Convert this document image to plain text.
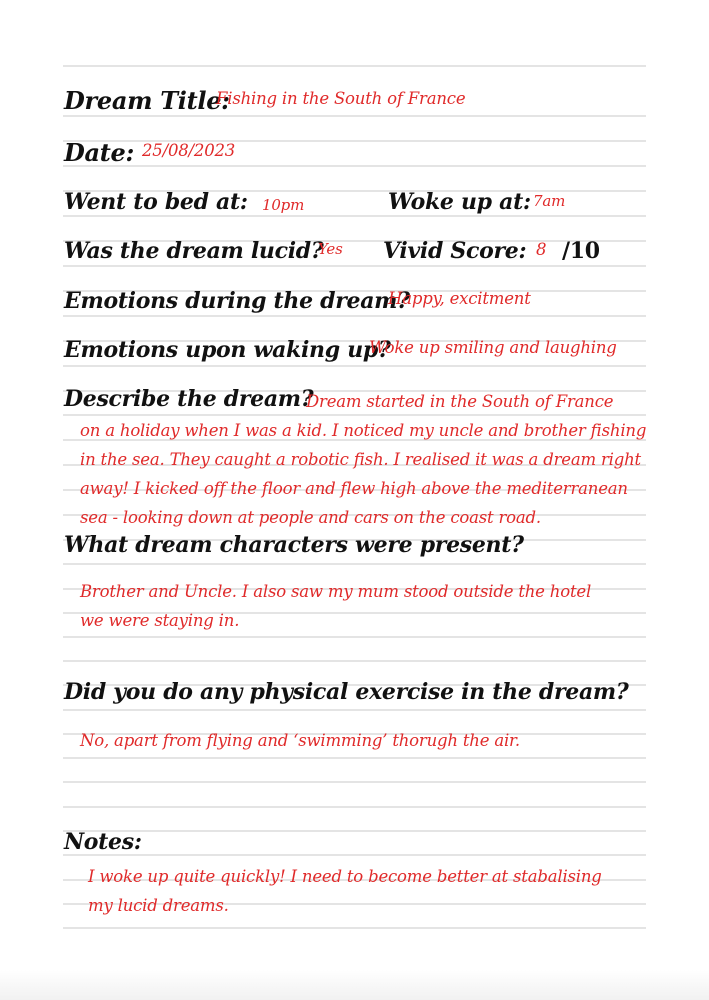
Dream Title:
Fishing in the South of France
Date: 25/08/2023
Went to bed at: 10pm	Woke up at: 7am
Was the dream lucid?
Yes Vivid Score: 8 /10
Emotions during the dream?
Happy, excitment
Emotions upon waking up?
Woke up smiling and laughing
Describe the dream?
Dream started in the South of France
on a holiday when I was a kid. I noticed my uncle and brother fishing
in the sea. They caught a robotic fish. I realised it was a dream right
away! I kicked off the floor and flew high above the mediterranean
sea - looking down at people and cars on the coast road.
What dream characters were present?
Brother and Uncle. I also saw my mum stood outside the hotel
we were staying in.
Did you do any physical exercise in the dream?
No, apart from flying and ‘swimming’ thorugh the air.
Notes:
I woke up quite quickly! I need to become better at stabalising
my lucid dreams.
